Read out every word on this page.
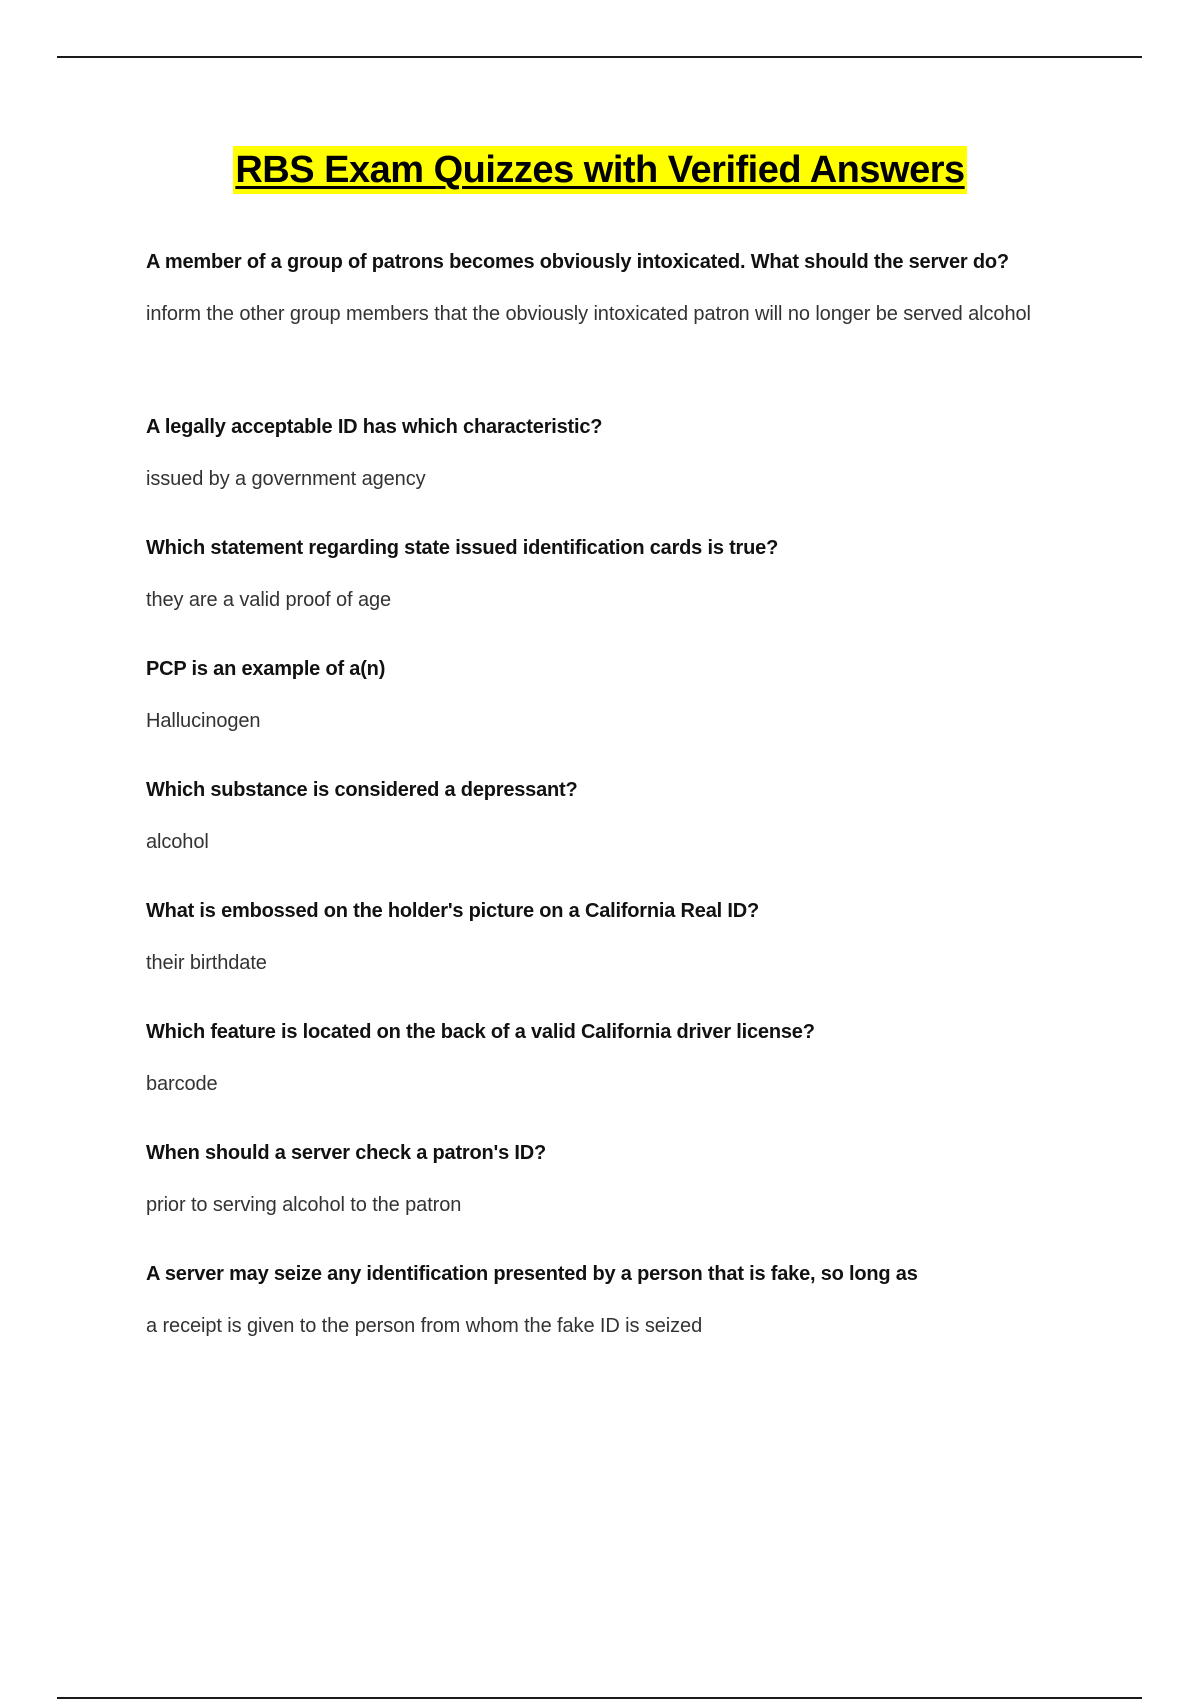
RBS Exam Quizzes with Verified Answers
A member of a group of patrons becomes obviously intoxicated. What should the server do?
inform the other group members that the obviously intoxicated patron will no longer be served alcohol
A legally acceptable ID has which characteristic?
issued by a government agency
Which statement regarding state issued identification cards is true?
they are a valid proof of age
PCP is an example of a(n)
Hallucinogen
Which substance is considered a depressant?
alcohol
What is embossed on the holder's picture on a California Real ID?
their birthdate
Which feature is located on the back of a valid California driver license?
barcode
When should a server check a patron's ID?
prior to serving alcohol to the patron
A server may seize any identification presented by a person that is fake, so long as
a receipt is given to the person from whom the fake ID is seized
